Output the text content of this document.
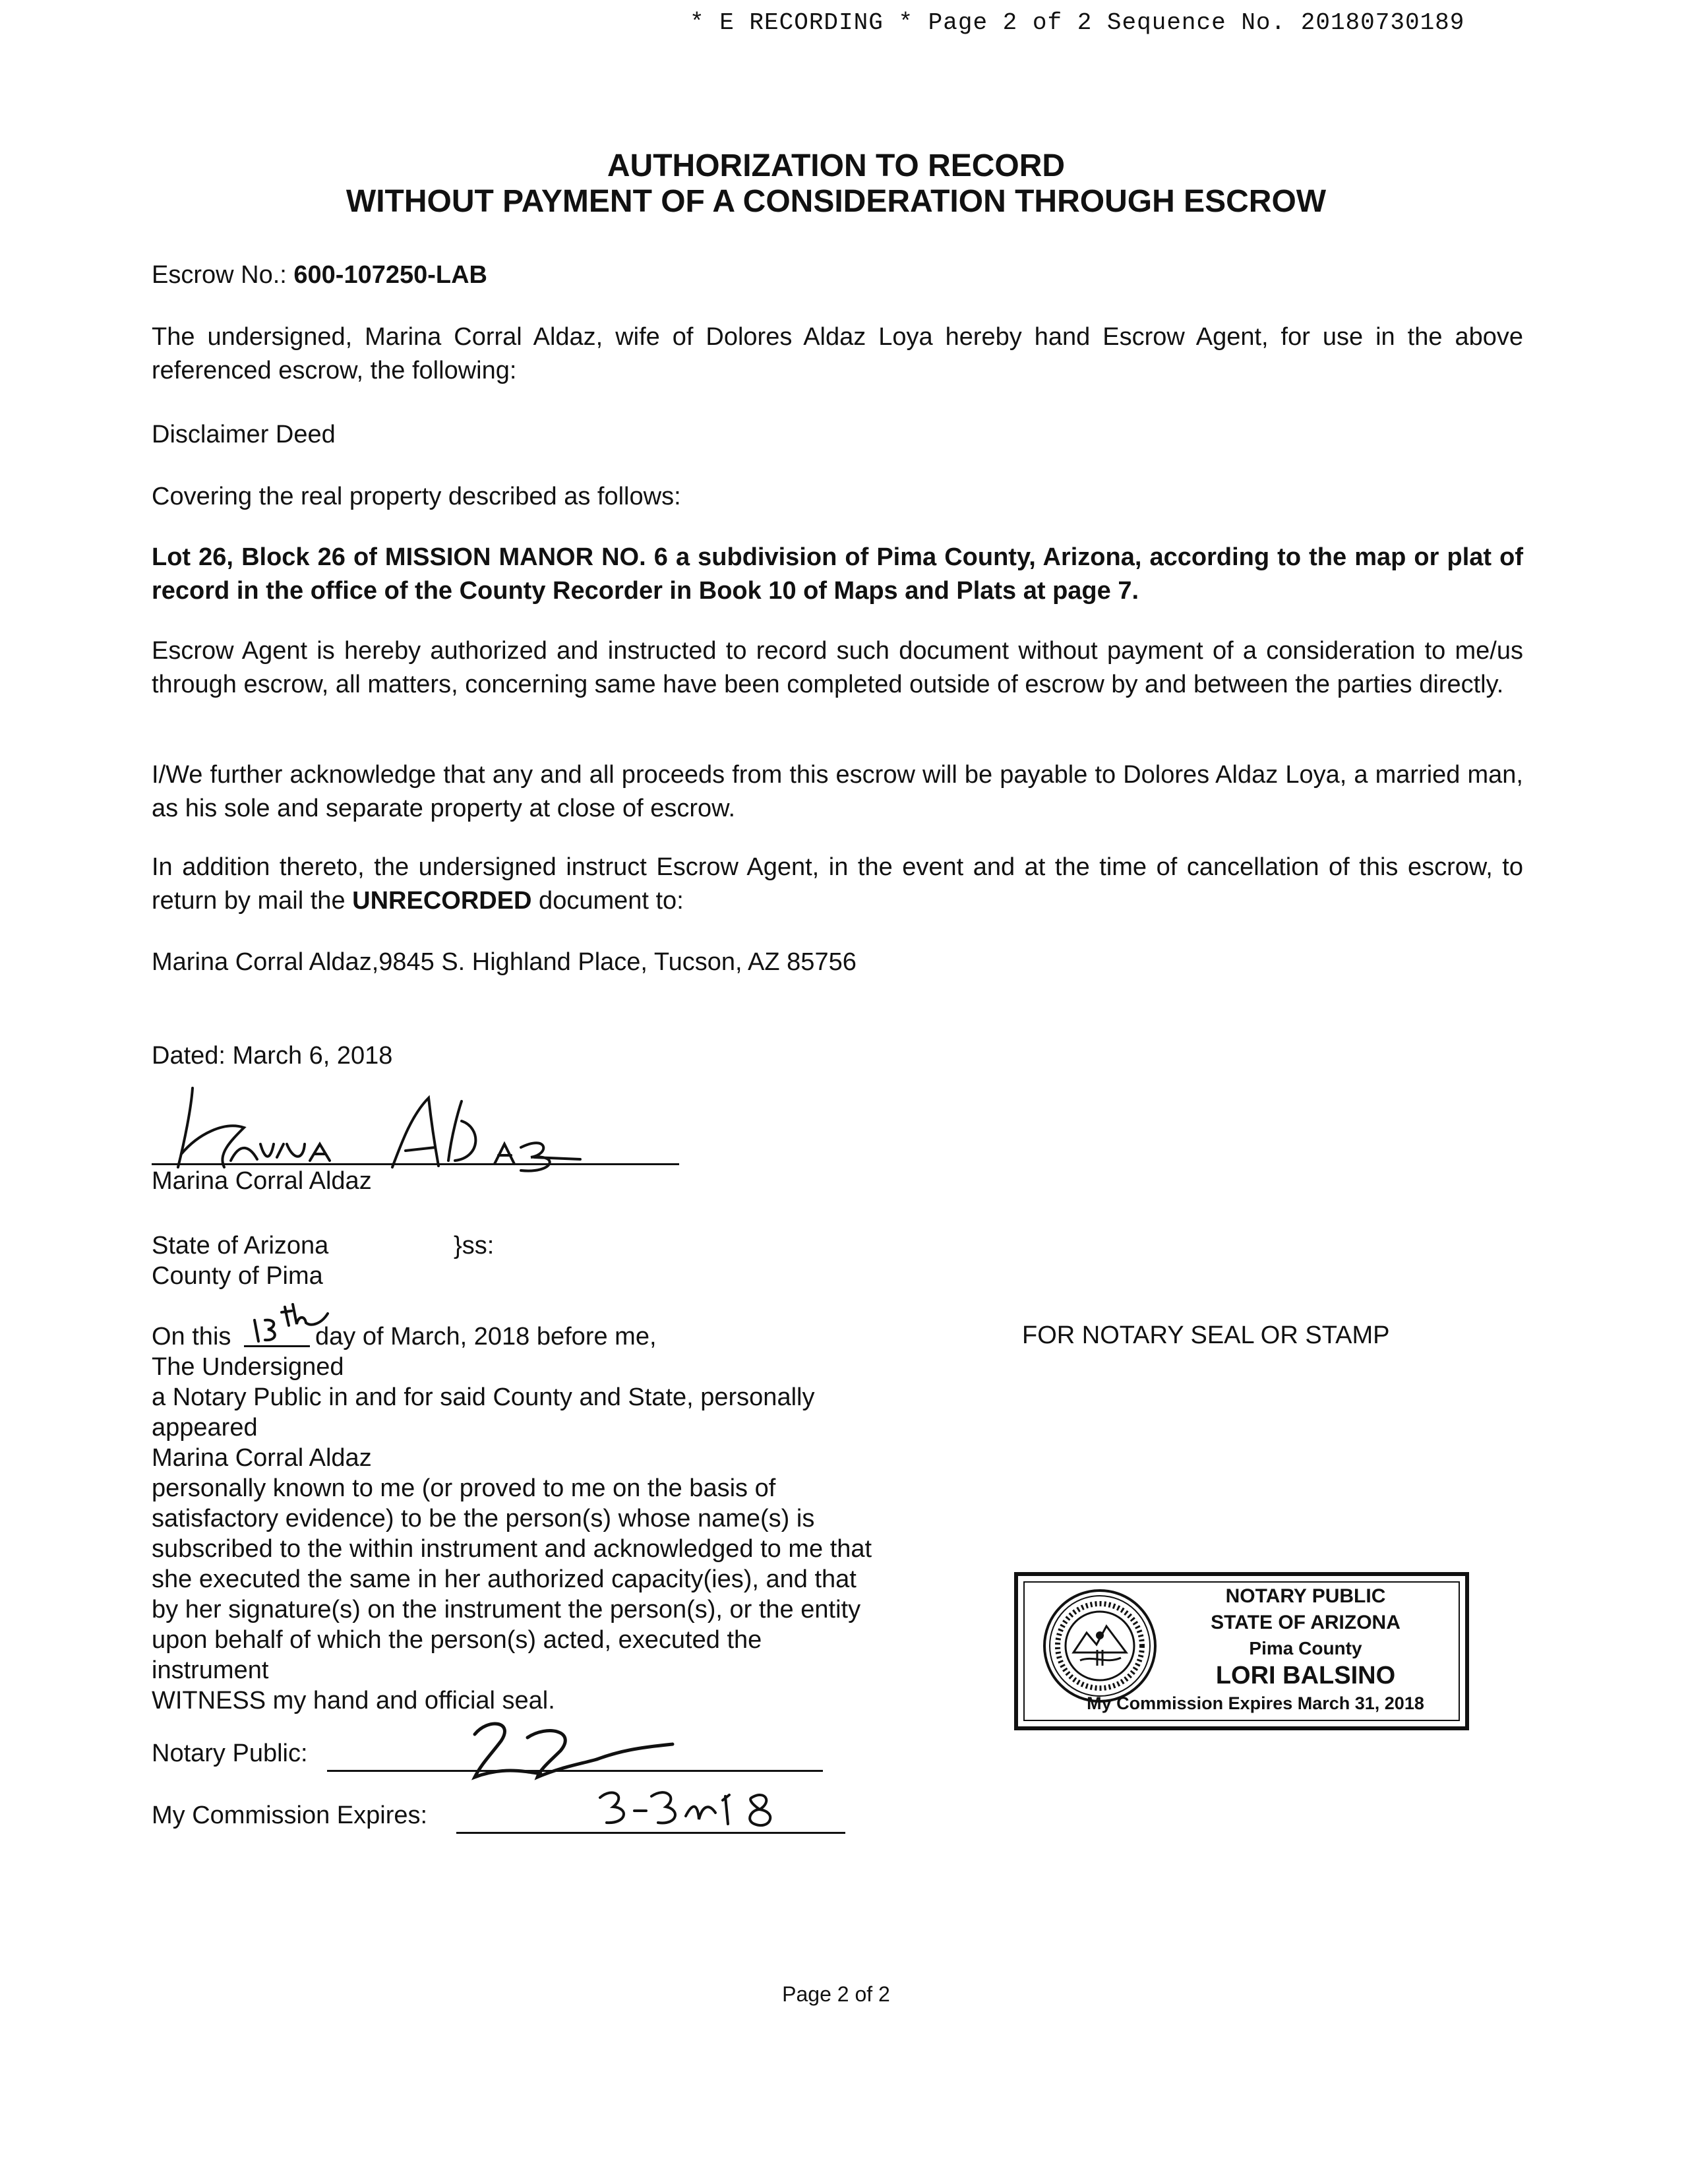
* E RECORDING * Page 2 of 2 Sequence No. 20180730189
AUTHORIZATION TO RECORD
WITHOUT PAYMENT OF A CONSIDERATION THROUGH ESCROW
Escrow No.: 600-107250-LAB
The undersigned, Marina Corral Aldaz, wife of Dolores Aldaz Loya hereby hand Escrow Agent, for use in the above referenced escrow, the following:
Disclaimer Deed
Covering the real property described as follows:
Lot 26, Block 26 of MISSION MANOR NO. 6 a subdivision of Pima County, Arizona, according to the map or plat of record in the office of the County Recorder in Book 10 of Maps and Plats at page 7.
Escrow Agent is hereby authorized and instructed to record such document without payment of a consideration to me/us through escrow, all matters, concerning same have been completed outside of escrow by and between the parties directly.
I/We further acknowledge that any and all proceeds from this escrow will be payable to Dolores Aldaz Loya, a married man, as his sole and separate property at close of escrow.
In addition thereto, the undersigned instruct Escrow Agent, in the event and at the time of cancellation of this escrow, to return by mail the UNRECORDED document to:
Marina Corral Aldaz,9845 S. Highland Place, Tucson, AZ 85756
Dated: March 6, 2018
Marina Corral Aldaz
State of Arizona	}ss:
County of Pima
On this	day of March, 2018 before me,
The Undersigned
a Notary Public in and for said County and State, personally
appeared
Marina Corral Aldaz
personally known to me (or proved to me on the basis of
satisfactory evidence) to be the person(s) whose name(s) is
subscribed to the within instrument and acknowledged to me that
she executed the same in her authorized capacity(ies), and that
by her signature(s) on the instrument the person(s), or the entity
upon behalf of which the person(s) acted, executed the
instrument
WITNESS my hand and official seal.
Notary Public:
My Commission Expires:
FOR NOTARY SEAL OR STAMP
NOTARY PUBLIC
STATE OF ARIZONA
Pima County
LORI BALSINO
My Commission Expires March 31, 2018
Page 2 of 2
